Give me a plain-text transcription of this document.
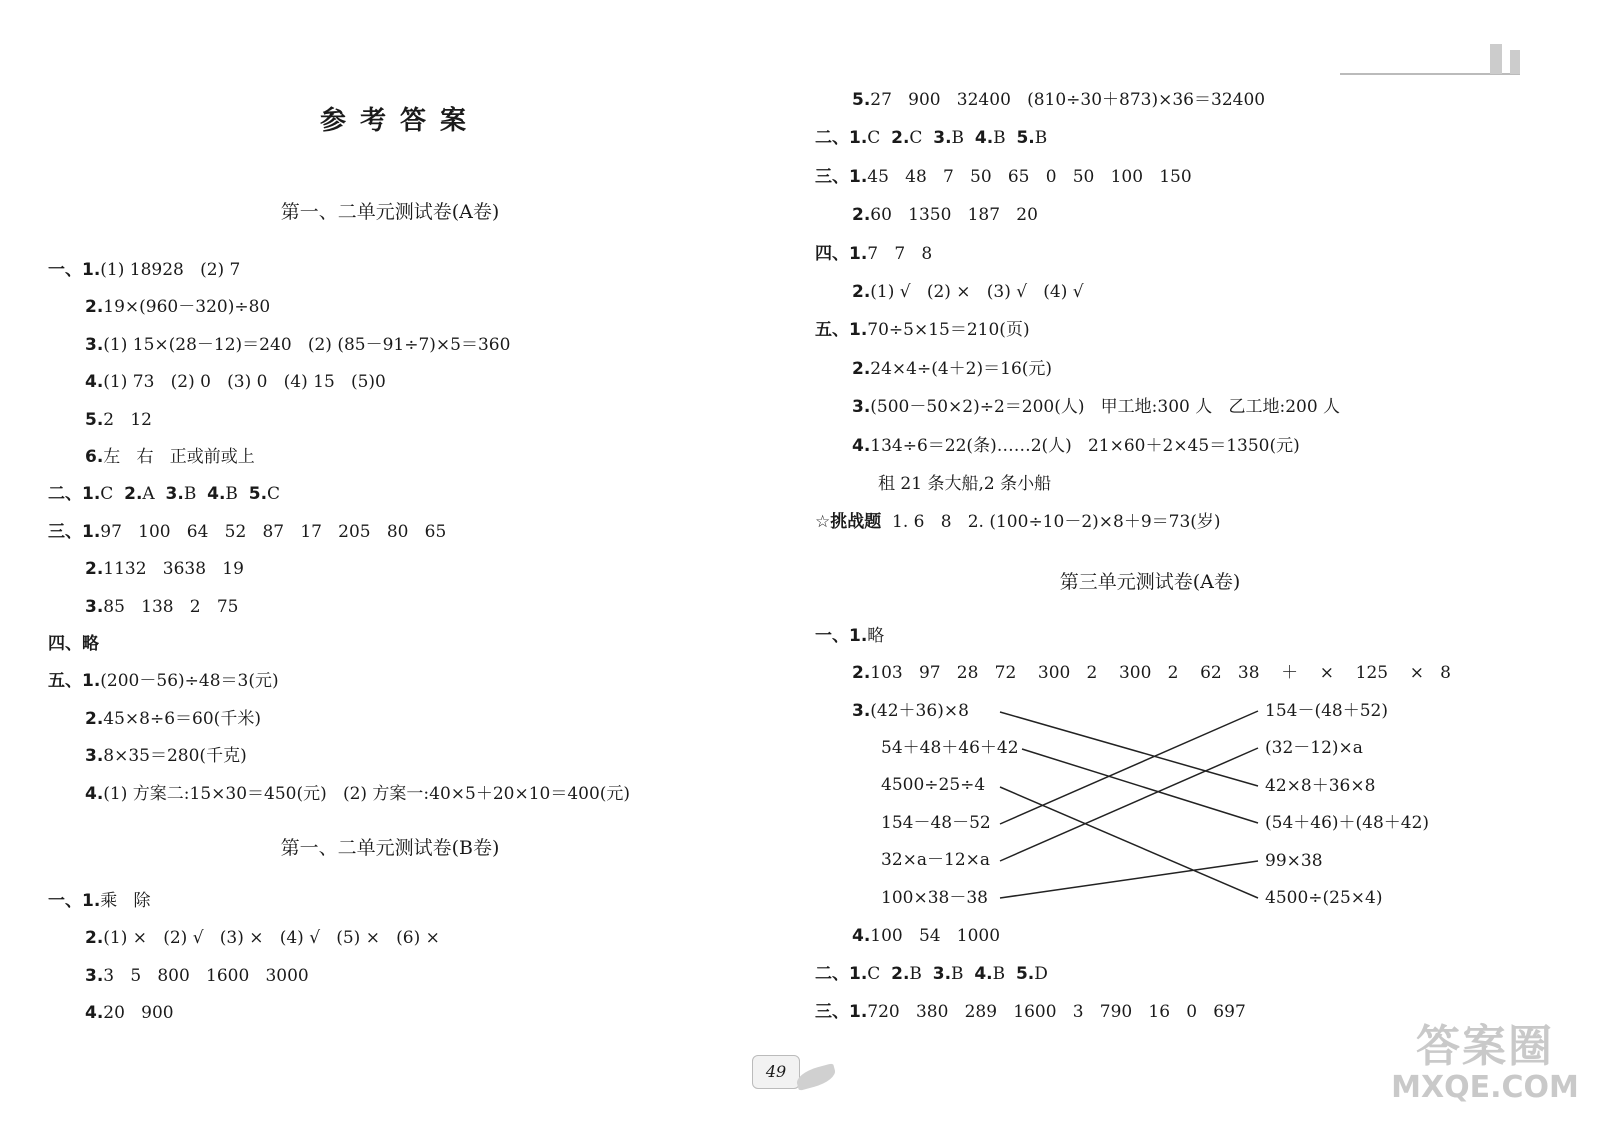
参考答案
第一、二单元测试卷(A卷)
一、1.(1) 18928   (2) 7
2.19×(960－320)÷80
3.(1) 15×(28－12)＝240   (2) (85－91÷7)×5＝360
4.(1) 73   (2) 0   (3) 0   (4) 15   (5)0
5.2   12
6.左   右   正或前或上
二、1.C  2.A  3.B  4.B  5.C
三、1.97   100   64   52   87   17   205   80   65
2.1132   3638   19
3.85   138   2   75
四、略
五、1.(200－56)÷48＝3(元)
2.45×8÷6＝60(千米)
3.8×35＝280(千克)
4.(1) 方案二:15×30＝450(元)   (2) 方案一:40×5＋20×10＝400(元)
第一、二单元测试卷(B卷)
一、1.乘   除
2.(1) ×   (2) √   (3) ×   (4) √   (5) ×   (6) ×
3.3   5   800   1600   3000
4.20   900
5.27   900   32400   (810÷30＋873)×36＝32400
二、1.C  2.C  3.B  4.B  5.B
三、1.45   48   7   50   65   0   50   100   150
2.60   1350   187   20
四、1.7   7   8
2.(1) √   (2) ×   (3) √   (4) √
五、1.70÷5×15＝210(页)
2.24×4÷(4＋2)＝16(元)
3.(500－50×2)÷2＝200(人)   甲工地:300 人   乙工地:200 人
4.134÷6＝22(条)……2(人)   21×60＋2×45＝1350(元)
租 21 条大船,2 条小船
☆挑战题  1. 6   8   2. (100÷10－2)×8＋9＝73(岁)
第三单元测试卷(A卷)
一、1.略
2.103   97   28   72    300   2    300   2    62   38    ＋    ×    125    ×   8
3.(42＋36)×8
54＋48＋46＋42
4500÷25÷4
154－48－52
32×a－12×a
100×38－38
154－(48＋52)
(32－12)×a
42×8＋36×8
(54＋46)＋(48＋42)
99×38
4500÷(25×4)
4.100   54   1000
二、1.C  2.B  3.B  4.B  5.D
三、1.720   380   289   1600   3   790   16   0   697
49	答案圈
MXQE.COM
